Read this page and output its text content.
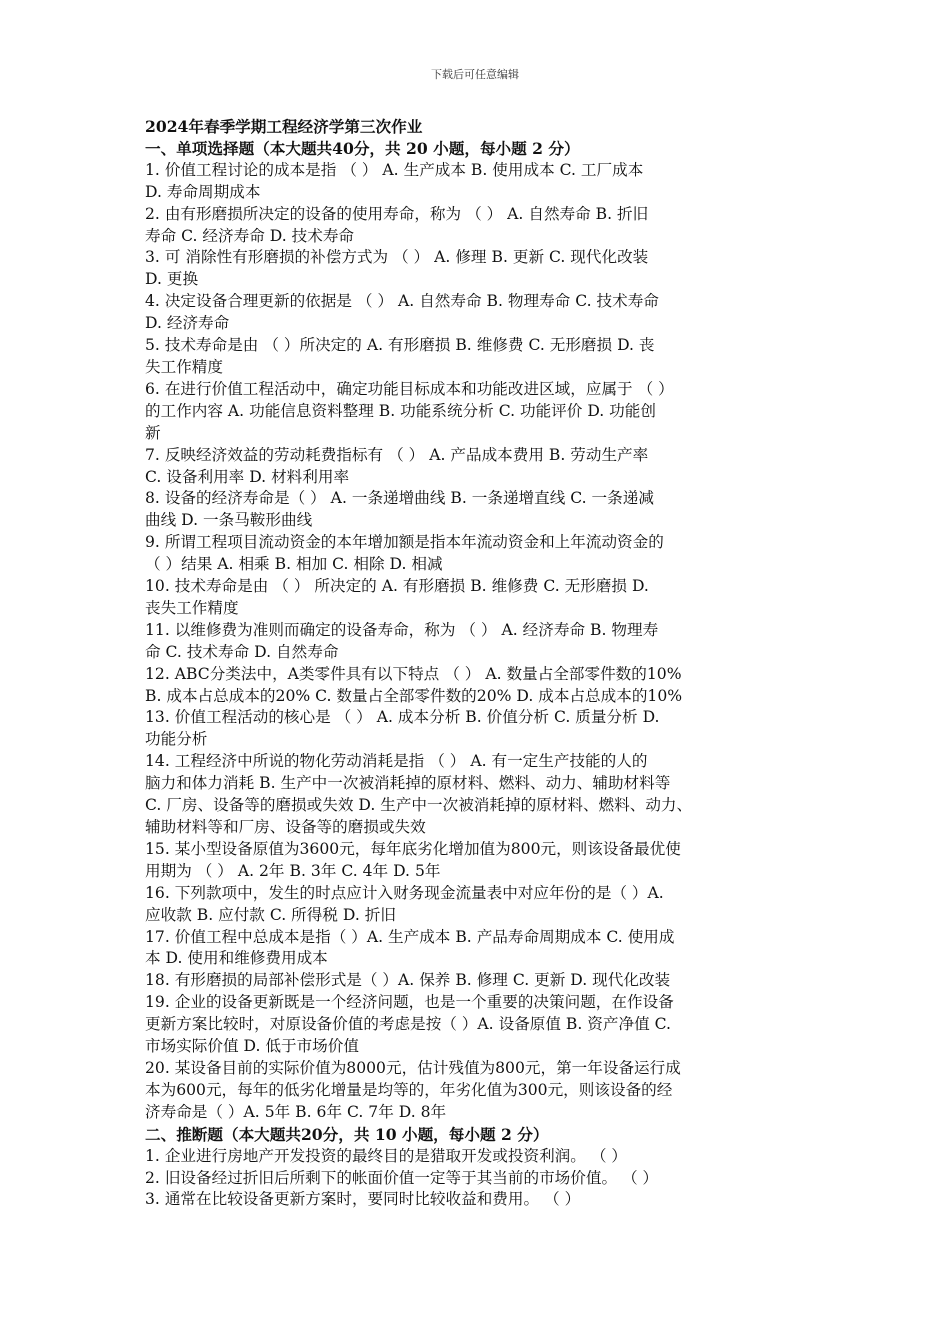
下载后可任意编辑
2024年春季学期工程经济学第三次作业
一、单项选择题（本大题共40分，共 20 小题，每小题 2 分）
1. 价值工程讨论的成本是指 （ ） A. 生产成本 B. 使用成本 C. 工厂成本
D. 寿命周期成本
2. 由有形磨损所决定的设备的使用寿命，称为 （ ） A. 自然寿命 B. 折旧
寿命 C. 经济寿命 D. 技术寿命
3. 可 消除性有形磨损的补偿方式为 （ ） A. 修理 B. 更新 C. 现代化改装
D. 更换
4. 决定设备合理更新的依据是 （ ） A. 自然寿命 B. 物理寿命 C. 技术寿命
D. 经济寿命
5. 技术寿命是由 （ ）所决定的 A. 有形磨损 B. 维修费 C. 无形磨损 D. 丧
失工作精度
6. 在进行价值工程活动中，确定功能目标成本和功能改进区域，应属于 （ ）
的工作内容 A. 功能信息资料整理 B. 功能系统分析 C. 功能评价 D. 功能创
新
7. 反映经济效益的劳动耗费指标有 （ ） A. 产品成本费用 B. 劳动生产率
C. 设备利用率 D. 材料利用率
8. 设备的经济寿命是（ ） A. 一条递增曲线 B. 一条递增直线 C. 一条递减
曲线 D. 一条马鞍形曲线
9. 所谓工程项目流动资金的本年增加额是指本年流动资金和上年流动资金的
（ ）结果 A. 相乘 B. 相加 C. 相除 D. 相减
10. 技术寿命是由 （ ） 所决定的 A. 有形磨损 B. 维修费 C. 无形磨损 D.
丧失工作精度
11. 以维修费为准则而确定的设备寿命，称为 （ ） A. 经济寿命 B. 物理寿
命 C. 技术寿命 D. 自然寿命
12. ABC分类法中，A类零件具有以下特点 （ ） A. 数量占全部零件数的10%
B. 成本占总成本的20% C. 数量占全部零件数的20% D. 成本占总成本的10%
13. 价值工程活动的核心是 （ ） A. 成本分析 B. 价值分析 C. 质量分析 D.
功能分析
14. 工程经济中所说的物化劳动消耗是指 （ ） A. 有一定生产技能的人的
脑力和体力消耗 B. 生产中一次被消耗掉的原材料、燃料、动力、辅助材料等
C. 厂房、设备等的磨损或失效 D. 生产中一次被消耗掉的原材料、燃料、动力、
辅助材料等和厂房、设备等的磨损或失效
15. 某小型设备原值为3600元，每年底劣化增加值为800元，则该设备最优使
用期为 （ ） A. 2年 B. 3年 C. 4年 D. 5年
16. 下列款项中，发生的时点应计入财务现金流量表中对应年份的是（ ）A.
应收款 B. 应付款 C. 所得税 D. 折旧
17. 价值工程中总成本是指（ ）A. 生产成本 B. 产品寿命周期成本 C. 使用成
本 D. 使用和维修费用成本
18. 有形磨损的局部补偿形式是（ ）A. 保养 B. 修理 C. 更新 D. 现代化改装
19. 企业的设备更新既是一个经济问题，也是一个重要的决策问题，在作设备
更新方案比较时，对原设备价值的考虑是按（ ）A. 设备原值 B. 资产净值 C.
市场实际价值 D. 低于市场价值
20. 某设备目前的实际价值为8000元，估计残值为800元，第一年设备运行成
本为600元，每年的低劣化增量是均等的，年劣化值为300元，则该设备的经
济寿命是（ ）A. 5年 B. 6年 C. 7年 D. 8年
二、推断题（本大题共20分，共 10 小题，每小题 2 分）
1. 企业进行房地产开发投资的最终目的是猎取开发或投资利润。 （ ）
2. 旧设备经过折旧后所剩下的帐面价值一定等于其当前的市场价值。 （ ）
3. 通常在比较设备更新方案时，要同时比较收益和费用。 （ ）
